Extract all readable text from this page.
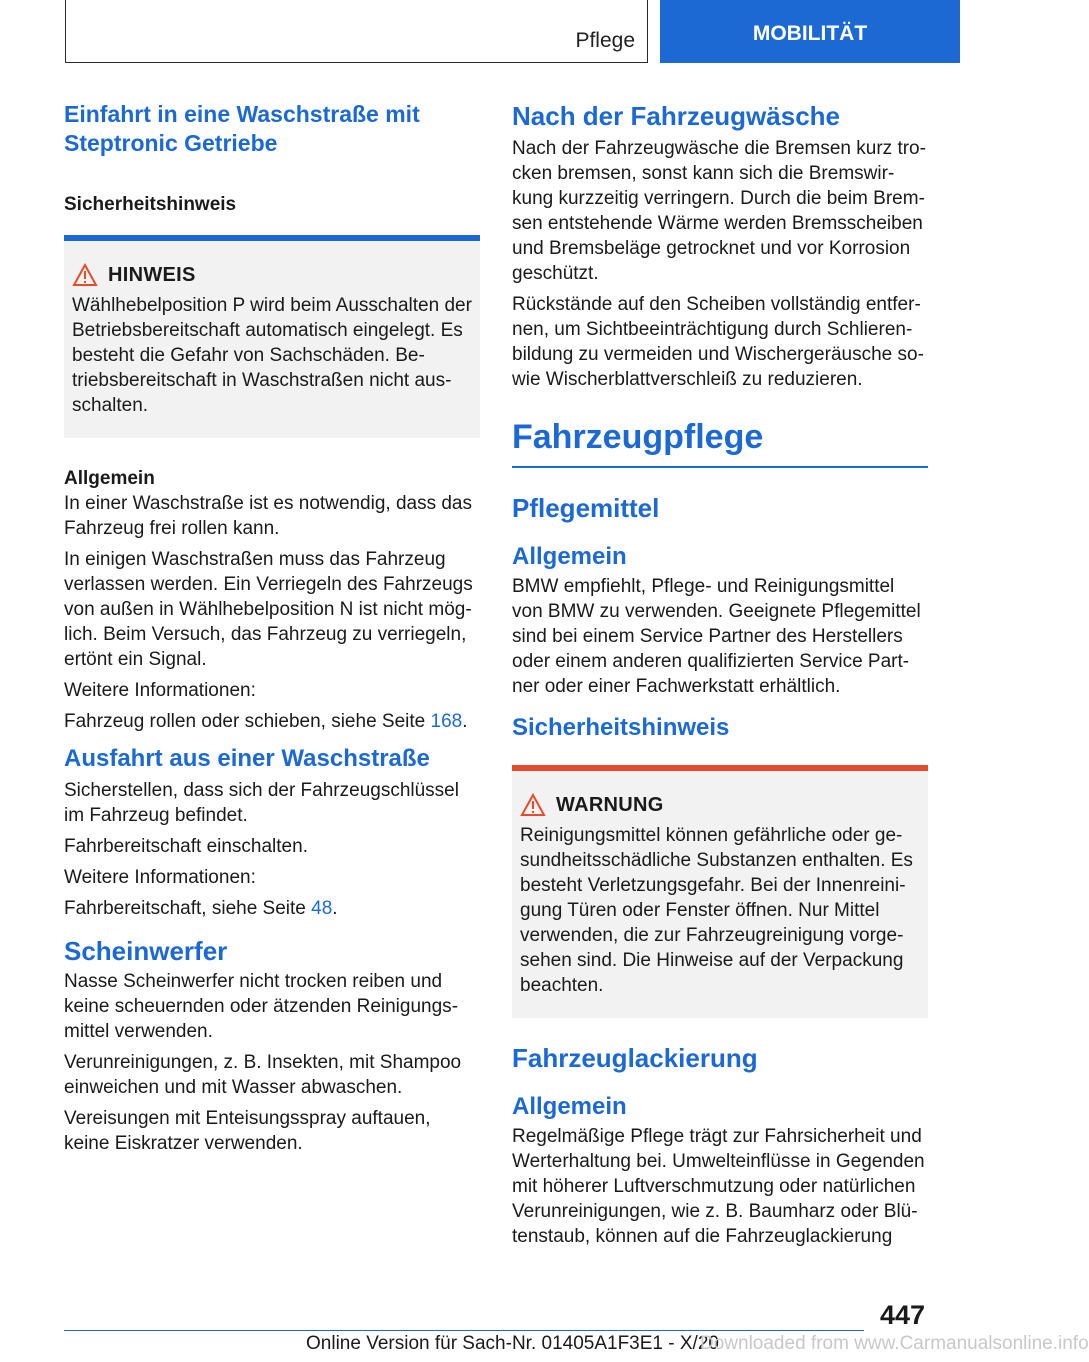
Pflege	MOBILITÄT
Einfahrt in eine Waschstraße mit Steptronic Getriebe
Sicherheitshinweis
HINWEIS

Wählhebelposition P wird beim Ausschalten der Betriebsbereitschaft automatisch eingelegt. Es besteht die Gefahr von Sachschäden. Betriebsbereitschaft in Waschstraßen nicht ausschalten.

Allgemein

In einer Waschstraße ist es notwendig, dass das Fahrzeug frei rollen kann.

In einigen Waschstraßen muss das Fahrzeug verlassen werden. Ein Verriegeln des Fahrzeugs von außen in Wählhebelposition N ist nicht möglich. Beim Versuch, das Fahrzeug zu verriegeln, ertönt ein Signal.

Weitere Informationen:

Fahrzeug rollen oder schieben, siehe Seite 168.

Ausfahrt aus einer Waschstraße

Sicherstellen, dass sich der Fahrzeugschlüssel im Fahrzeug befindet.

Fahrbereitschaft einschalten.

Weitere Informationen:

Fahrbereitschaft, siehe Seite 48.

Scheinwerfer

Nasse Scheinwerfer nicht trocken reiben und keine scheuernden oder ätzenden Reinigungsmittel verwenden.

Verunreinigungen, z. B. Insekten, mit Shampoo einweichen und mit Wasser abwaschen.

Vereisungen mit Enteisungsspray auftauen, keine Eiskratzer verwenden.

Nach der Fahrzeugwäsche

Nach der Fahrzeugwäsche die Bremsen kurz trocken bremsen, sonst kann sich die Bremswirkung kurzzeitig verringern. Durch die beim Bremsen entstehende Wärme werden Bremsscheiben und Bremsbeläge getrocknet und vor Korrosion geschützt.

Rückstände auf den Scheiben vollständig entfernen, um Sichtbeeinträchtigung durch Schlierenbildung zu vermeiden und Wischergeräusche sowie Wischerblattverschleiß zu reduzieren.

Fahrzeugpflege
Pflegemittel
Allgemein

BMW empfiehlt, Pflege- und Reinigungsmittel von BMW zu verwenden. Geeignete Pflegemittel sind bei einem Service Partner des Herstellers oder einem anderen qualifizierten Service Partner oder einer Fachwerkstatt erhältlich.

Sicherheitshinweis
WARNUNG

Reinigungsmittel können gefährliche oder gesundheitsschädliche Substanzen enthalten. Es besteht Verletzungsgefahr. Bei der Innenreinigung Türen oder Fenster öffnen. Nur Mittel verwenden, die zur Fahrzeugreinigung vorgesehen sind. Die Hinweise auf der Verpackung beachten.

Fahrzeuglackierung
Allgemein

Regelmäßige Pflege trägt zur Fahrsicherheit und Werterhaltung bei. Umwelteinflüsse in Gegenden mit höherer Luftverschmutzung oder natürlichen Verunreinigungen, wie z. B. Baumharz oder Blütenstaub, können auf die Fahrzeuglackierung

447
Online Version für Sach-Nr. 01405A1F3E1 - X/20
Downloaded from www.Carmanualsonline.info
